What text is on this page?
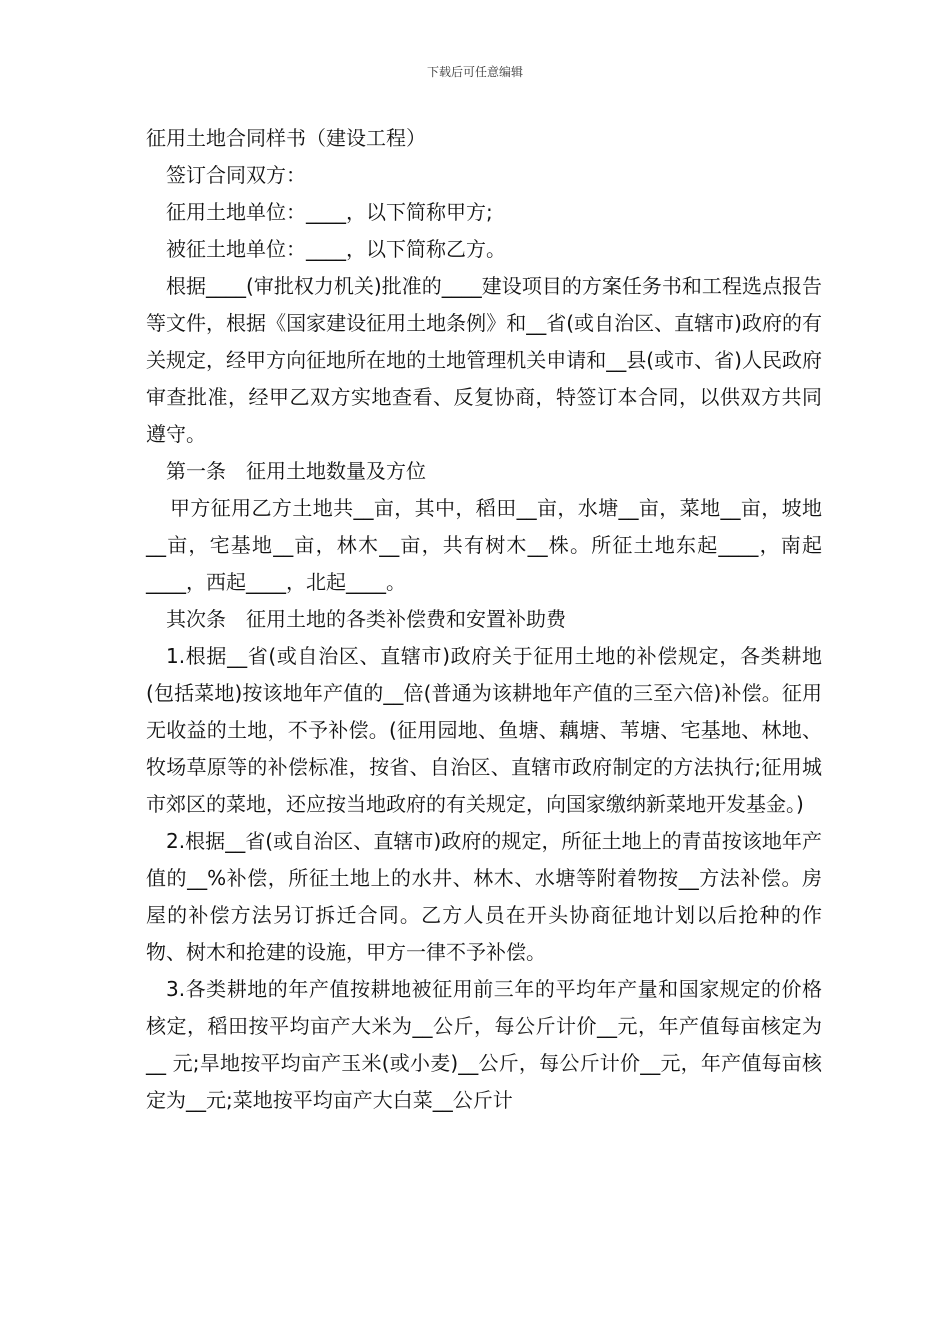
下载后可任意编辑

征用土地合同样书（建设工程）

签订合同双方：

征用土地单位：____，以下简称甲方;

被征土地单位：____，以下简称乙方。

根据____(审批权力机关)批准的____建设项目的方案任务书和工程选点报告等文件，根据《国家建设征用土地条例》和__省(或自治区、直辖市)政府的有关规定，经甲方向征地所在地的土地管理机关申请和__县(或市、省)人民政府审查批准，经甲乙双方实地查看、反复协商，特签订本合同，以供双方共同遵守。

第一条　征用土地数量及方位

甲方征用乙方土地共__亩，其中，稻田__亩，水塘__亩，菜地__亩，坡地__亩，宅基地__亩，林木__亩，共有树木__株。所征土地东起____，南起____，西起____，北起____。

其次条　征用土地的各类补偿费和安置补助费

1.根据__省(或自治区、直辖市)政府关于征用土地的补偿规定，各类耕地(包括菜地)按该地年产值的__倍(普通为该耕地年产值的三至六倍)补偿。征用无收益的土地，不予补偿。(征用园地、鱼塘、藕塘、苇塘、宅基地、林地、牧场草原等的补偿标准，按省、自治区、直辖市政府制定的方法执行;征用城市郊区的菜地，还应按当地政府的有关规定，向国家缴纳新菜地开发基金。)

2.根据__省(或自治区、直辖市)政府的规定，所征土地上的青苗按该地年产值的__%补偿，所征土地上的水井、林木、水塘等附着物按__方法补偿。房屋的补偿方法另订拆迁合同。乙方人员在开头协商征地计划以后抢种的作物、树木和抢建的设施，甲方一律不予补偿。

3.各类耕地的年产值按耕地被征用前三年的平均年产量和国家规定的价格核定，稻田按平均亩产大米为__公斤，每公斤计价__元，年产值每亩核定为__ 元;旱地按平均亩产玉米(或小麦)__公斤，每公斤计价__元，年产值每亩核定为__元;菜地按平均亩产大白菜__公斤计
